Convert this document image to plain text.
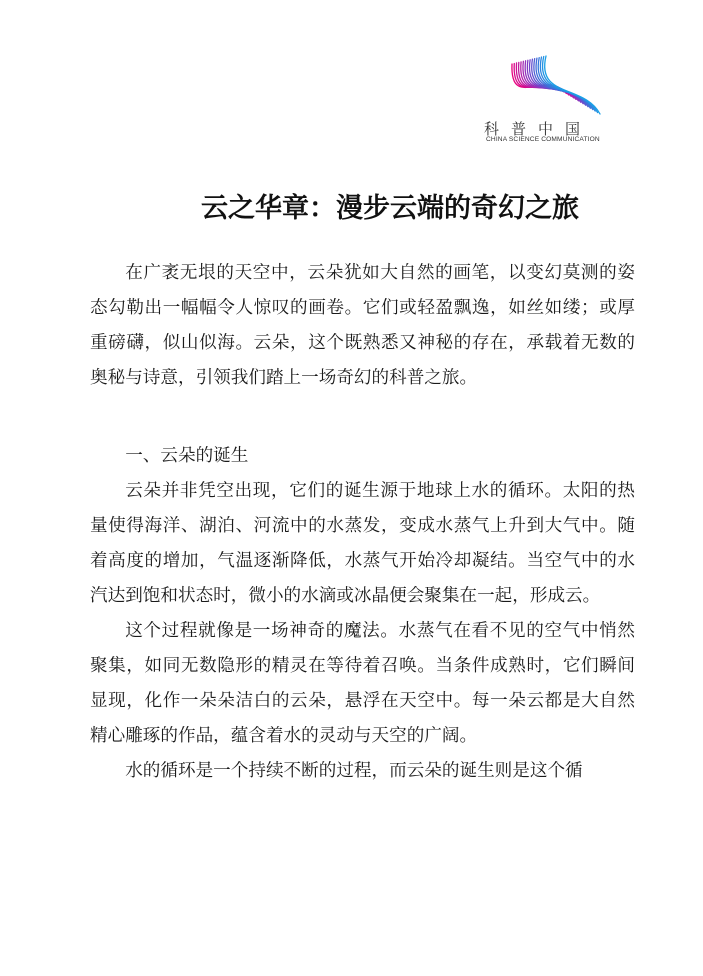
科普中国
CHINA SCIENCE COMMUNICATION
云之华章：漫步云端的奇幻之旅

在广袤无垠的天空中，云朵犹如大自然的画笔，以变幻莫测的姿态勾勒出一幅幅令人惊叹的画卷。它们或轻盈飘逸，如丝如缕；或厚重磅礴，似山似海。云朵，这个既熟悉又神秘的存在，承载着无数的奥秘与诗意，引领我们踏上一场奇幻的科普之旅。

一、云朵的诞生

云朵并非凭空出现，它们的诞生源于地球上水的循环。太阳的热量使得海洋、湖泊、河流中的水蒸发，变成水蒸气上升到大气中。随着高度的增加，气温逐渐降低，水蒸气开始冷却凝结。当空气中的水汽达到饱和状态时，微小的水滴或冰晶便会聚集在一起，形成云。

这个过程就像是一场神奇的魔法。水蒸气在看不见的空气中悄然聚集，如同无数隐形的精灵在等待着召唤。当条件成熟时，它们瞬间显现，化作一朵朵洁白的云朵，悬浮在天空中。每一朵云都是大自然精心雕琢的作品，蕴含着水的灵动与天空的广阔。

水的循环是一个持续不断的过程，而云朵的诞生则是这个循
